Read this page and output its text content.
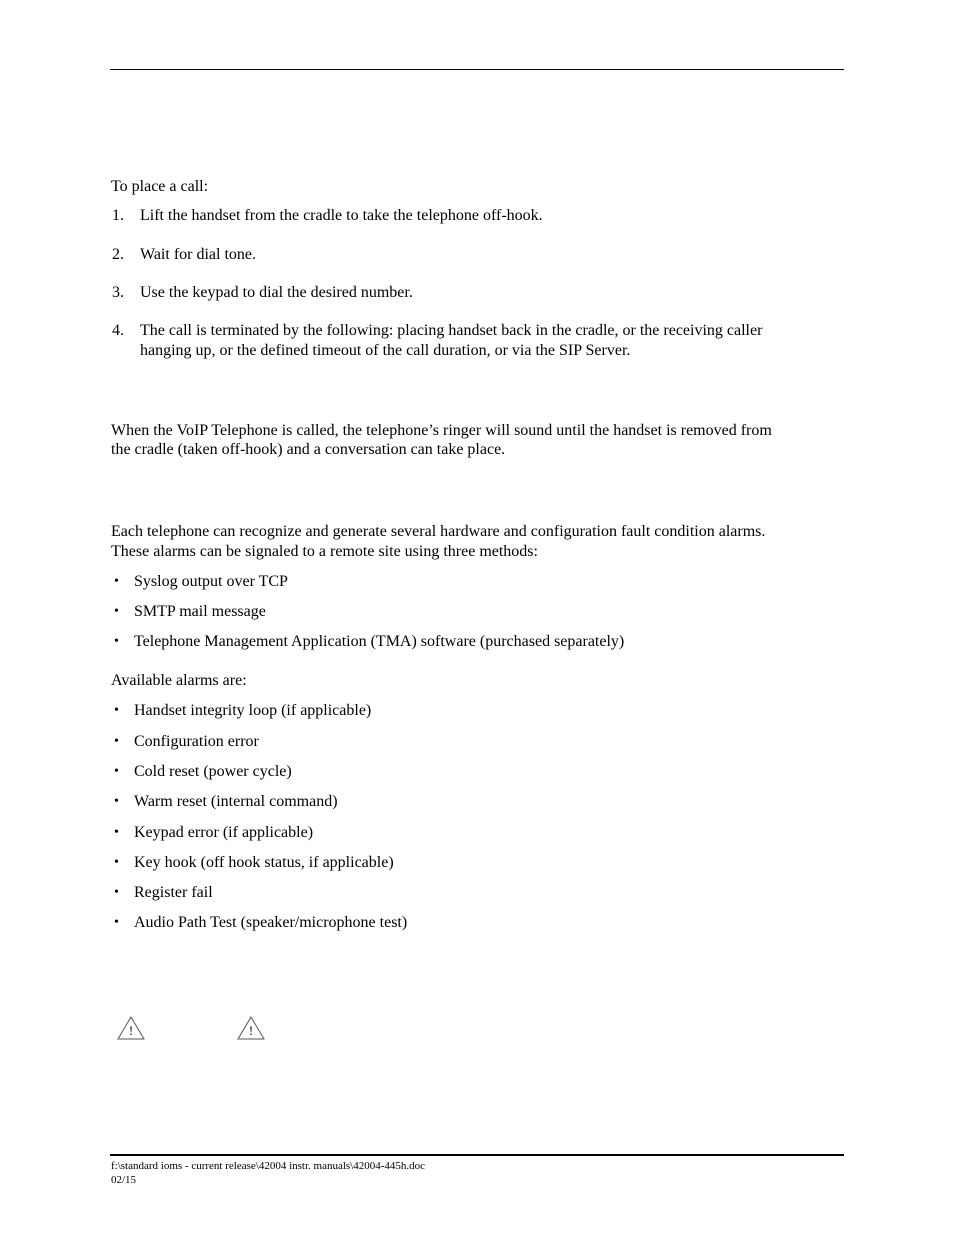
To place a call:
1. Lift the handset from the cradle to take the telephone off-hook.
2. Wait for dial tone.
3. Use the keypad to dial the desired number.
4. The call is terminated by the following: placing handset back in the cradle, or the receiving caller
hanging up, or the defined timeout of the call duration, or via the SIP Server.
When the VoIP Telephone is called, the telephone’s ringer will sound until the handset is removed from
the cradle (taken off-hook) and a conversation can take place.
Each telephone can recognize and generate several hardware and configuration fault condition alarms.
These alarms can be signaled to a remote site using three methods:
• Syslog output over TCP
• SMTP mail message
• Telephone Management Application (TMA) software (purchased separately)
Available alarms are:
• Handset integrity loop (if applicable)
• Configuration error
• Cold reset (power cycle)
• Warm reset (internal command)
• Keypad error (if applicable)
• Key hook (off hook status, if applicable)
• Register fail
• Audio Path Test (speaker/microphone test)
!	!
f:\standard ioms - current release\42004 instr. manuals\42004-445h.doc
02/15
